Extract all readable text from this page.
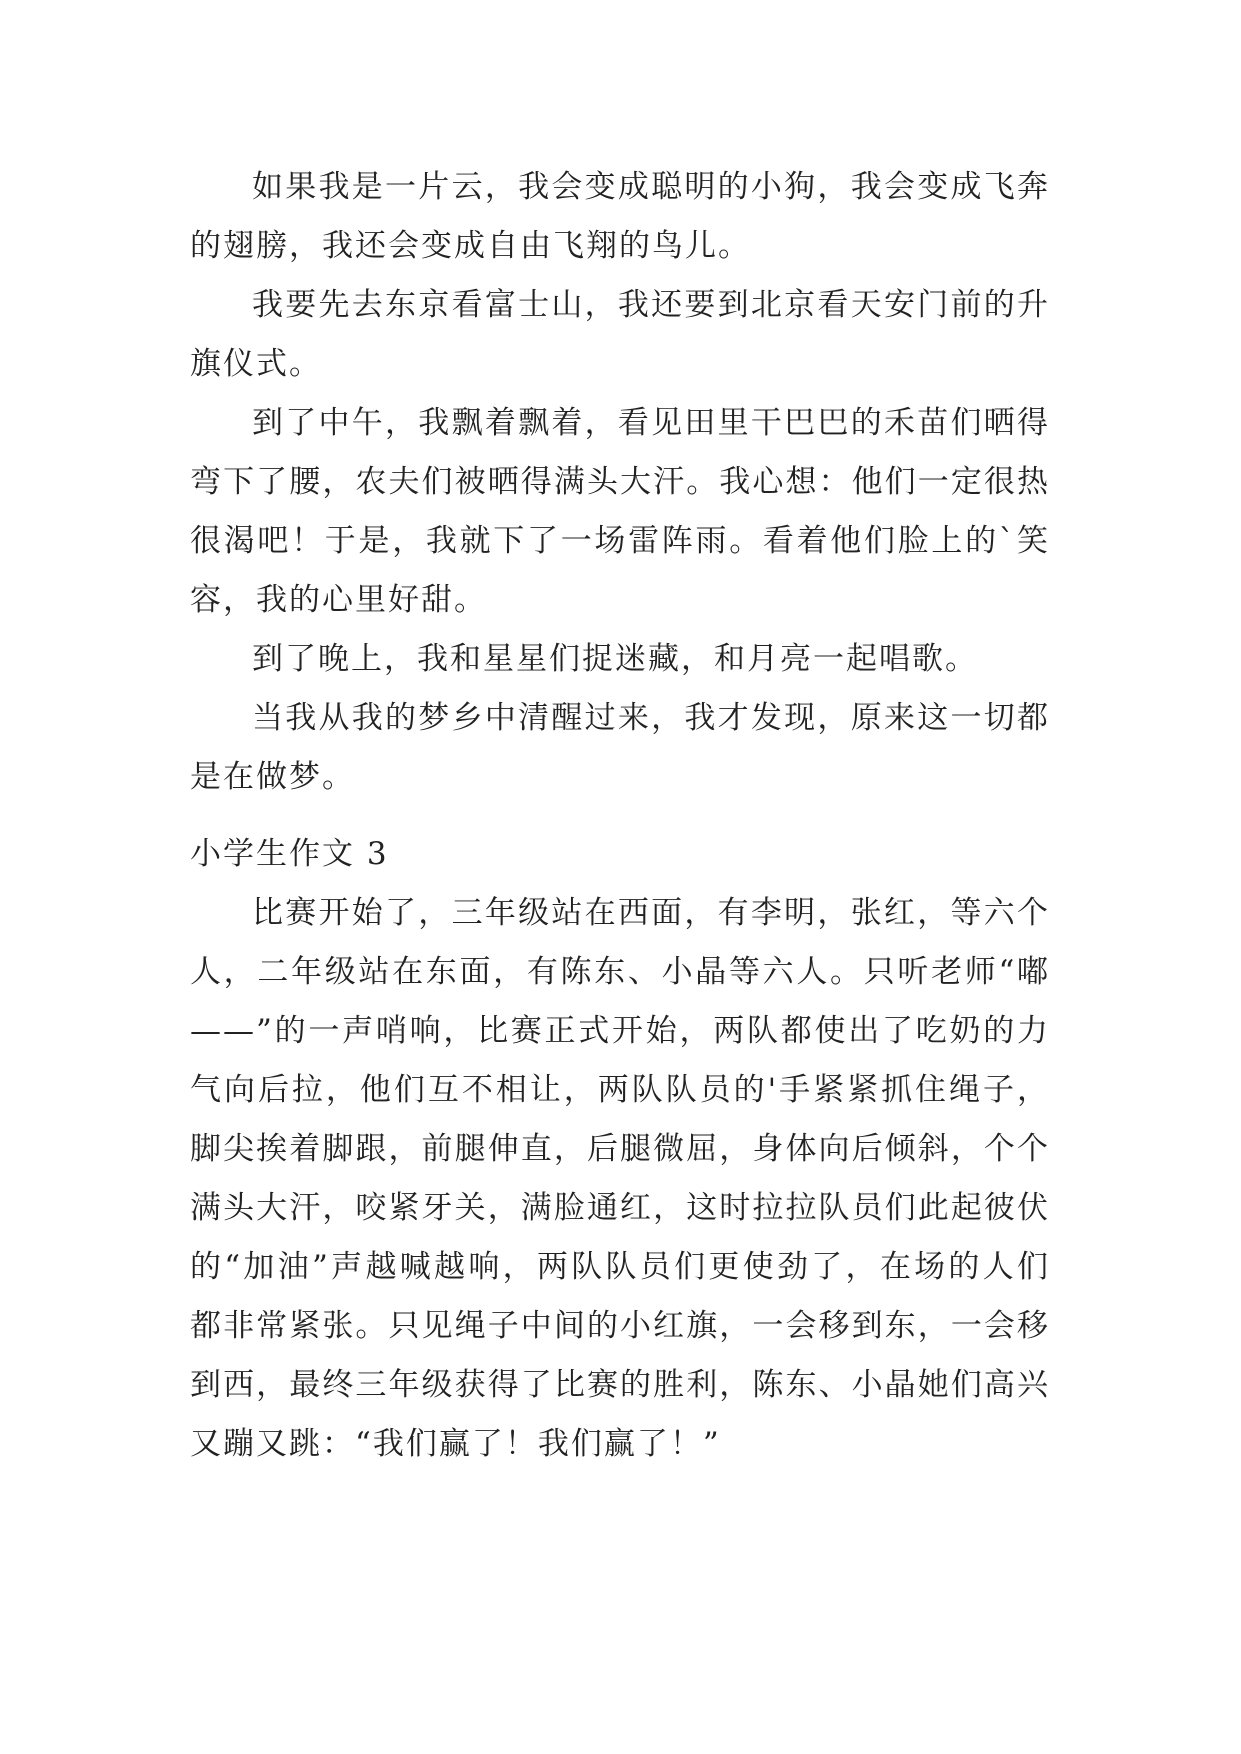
如果我是一片云，我会变成聪明的小狗，我会变成飞奔的翅膀，我还会变成自由飞翔的鸟儿。

我要先去东京看富士山，我还要到北京看天安门前的升旗仪式。

到了中午，我飘着飘着，看见田里干巴巴的禾苗们晒得弯下了腰，农夫们被晒得满头大汗。我心想：他们一定很热很渴吧！于是，我就下了一场雷阵雨。看着他们脸上的`笑容，我的心里好甜。

到了晚上，我和星星们捉迷藏，和月亮一起唱歌。

当我从我的梦乡中清醒过来，我才发现，原来这一切都是在做梦。

小学生作文 3

比赛开始了，三年级站在西面，有李明，张红，等六个人，二年级站在东面，有陈东、小晶等六人。只听老师“嘟——”的一声哨响，比赛正式开始，两队都使出了吃奶的力气向后拉，他们互不相让，两队队员的'手紧紧抓住绳子，脚尖挨着脚跟，前腿伸直，后腿微屈，身体向后倾斜，个个满头大汗，咬紧牙关，满脸通红，这时拉拉队员们此起彼伏的“加油”声越喊越响，两队队员们更使劲了，在场的人们都非常紧张。只见绳子中间的小红旗，一会移到东，一会移到西，最终三年级获得了比赛的胜利，陈东、小晶她们高兴又蹦又跳：“我们赢了！我们赢了！”
